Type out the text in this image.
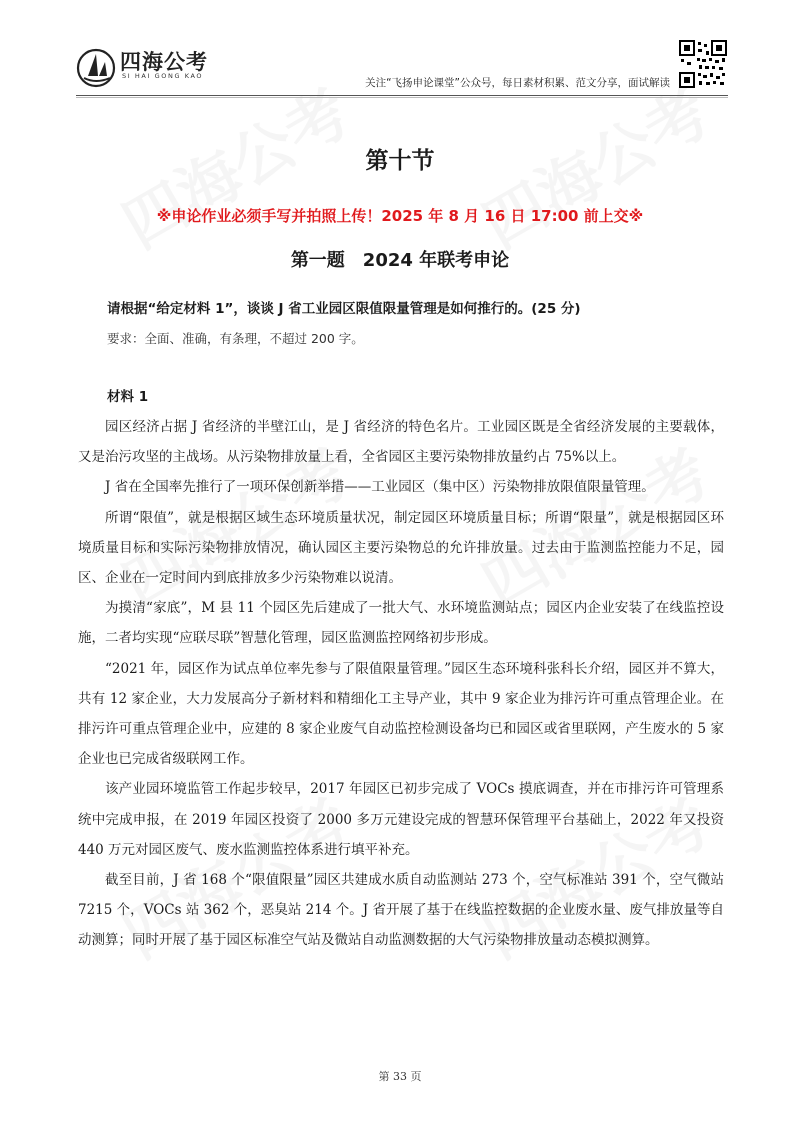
四海公考
SI HAI GONG KAO
关注“飞扬申论课堂”公众号，每日素材积累、范文分享，面试解读
第十节
※申论作业必须手写并拍照上传！2025 年 8 月 16 日 17:00 前上交※
第一题　2024 年联考申论
请根据“给定材料 1”，谈谈 J 省工业园区限值限量管理是如何推行的。(25 分)
要求：全面、准确，有条理，不超过 200 字。
材料 1

园区经济占据 J 省经济的半壁江山，是 J 省经济的特色名片。工业园区既是全省经济发展的主要载体，又是治污攻坚的主战场。从污染物排放量上看，全省园区主要污染物排放量约占 75%以上。

J 省在全国率先推行了一项环保创新举措——工业园区（集中区）污染物排放限值限量管理。

所谓“限值”，就是根据区域生态环境质量状况，制定园区环境质量目标；所谓“限量”，就是根据园区环境质量目标和实际污染物排放情况，确认园区主要污染物总的允许排放量。过去由于监测监控能力不足，园区、企业在一定时间内到底排放多少污染物难以说清。

为摸清“家底”，M 县 11 个园区先后建成了一批大气、水环境监测站点；园区内企业安装了在线监控设施，二者均实现“应联尽联”智慧化管理，园区监测监控网络初步形成。

“2021 年，园区作为试点单位率先参与了限值限量管理。”园区生态环境科张科长介绍，园区并不算大，共有 12 家企业，大力发展高分子新材料和精细化工主导产业，其中 9 家企业为排污许可重点管理企业。在排污许可重点管理企业中，应建的 8 家企业废气自动监控检测设备均已和园区或省里联网，产生废水的 5 家企业也已完成省级联网工作。

该产业园环境监管工作起步较早，2017 年园区已初步完成了 VOCs 摸底调查，并在市排污许可管理系统中完成申报，在 2019 年园区投资了 2000 多万元建设完成的智慧环保管理平台基础上，2022 年又投资 440 万元对园区废气、废水监测监控体系进行填平补充。

截至目前，J 省 168 个“限值限量”园区共建成水质自动监测站 273 个，空气标准站 391 个，空气微站 7215 个，VOCs 站 362 个，恶臭站 214 个。J 省开展了基于在线监控数据的企业废水量、废气排放量等自动测算；同时开展了基于园区标准空气站及微站自动监测数据的大气污染物排放量动态模拟测算。

第 33 页
